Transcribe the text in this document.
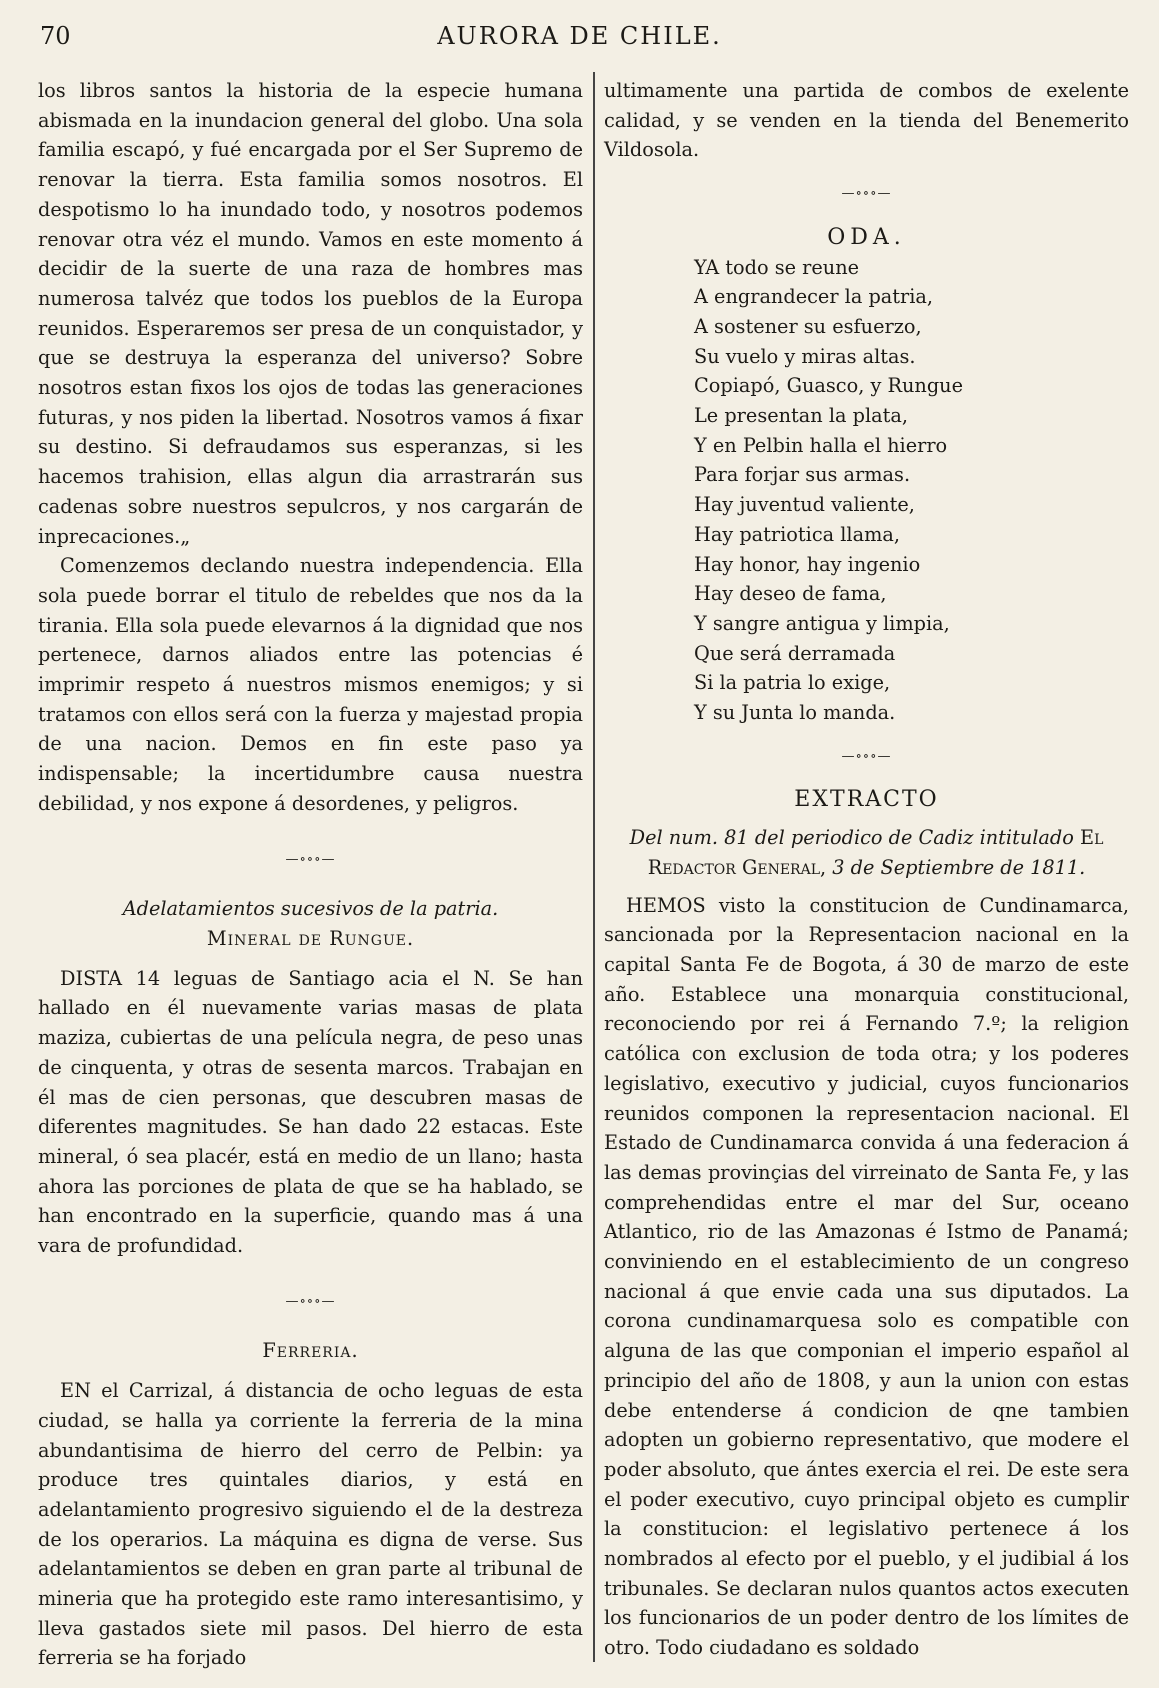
70	AURORA DE CHILE.

los libros santos la historia de la especie humana abismada en la inundacion general del globo. Una sola familia escapó, y fué encargada por el Ser Supremo de renovar la tierra. Esta familia somos nosotros. El despotismo lo ha inundado todo, y nosotros podemos renovar otra véz el mundo. Vamos en este momento á decidir de la suerte de una raza de hombres mas numerosa talvéz que todos los pueblos de la Europa reunidos. Esperaremos ser presa de un conquistador, y que se destruya la esperanza del universo? Sobre nosotros estan fixos los ojos de todas las generaciones futuras, y nos piden la libertad. Nosotros vamos á fixar su destino. Si defraudamos sus esperanzas, si les hacemos trahision, ellas algun dia arrastrarán sus cadenas sobre nuestros sepulcros, y nos cargarán de inprecaciones.„

Comenzemos declando nuestra independencia. Ella sola puede borrar el titulo de rebeldes que nos da la tirania. Ella sola puede elevarnos á la dignidad que nos pertenece, darnos aliados entre las potencias é imprimir respeto á nuestros mismos enemigos; y si tratamos con ellos será con la fuerza y majestad propia de una nacion. Demos en fin este paso ya indispensable; la incertidumbre causa nuestra debilidad, y nos expone á desordenes, y peligros.

—∘∘∘—
Adelatamientos sucesivos de la patria.
Mineral de Rungue.

DISTA 14 leguas de Santiago acia el N. Se han hallado en él nuevamente varias masas de plata maziza, cubiertas de una película negra, de peso unas de cinquenta, y otras de sesenta marcos. Trabajan en él mas de cien personas, que descubren masas de diferentes magnitudes. Se han dado 22 estacas. Este mineral, ó sea placér, está en medio de un llano; hasta ahora las porciones de plata de que se ha hablado, se han encontrado en la superficie, quando mas á una vara de profundidad.

—∘∘∘—
Ferreria.

EN el Carrizal, á distancia de ocho leguas de esta ciudad, se halla ya corriente la ferreria de la mina abundantisima de hierro del cerro de Pelbin: ya produce tres quintales diarios, y está en adelantamiento progresivo siguiendo el de la destreza de los operarios. La máquina es digna de verse. Sus adelantamientos se deben en gran parte al tribunal de mineria que ha protegido este ramo interesantisimo, y lleva gastados siete mil pasos. Del hierro de esta ferreria se ha forjado

ultimamente una partida de combos de exelente calidad, y se venden en la tienda del Benemerito Vildosola.

—∘∘∘—
ODA.
YA todo se reune
A engrandecer la patria,
A sostener su esfuerzo,
Su vuelo y miras altas.
Copiapó, Guasco, y Rungue
Le presentan la plata,
Y en Pelbin halla el hierro
Para forjar sus armas.
Hay juventud valiente,
Hay patriotica llama,
Hay honor, hay ingenio
Hay deseo de fama,
Y sangre antigua y limpia,
Que será derramada
Si la patria lo exige,
Y su Junta lo manda.
—∘∘∘—
EXTRACTO
Del num. 81 del periodico de Cadiz intitulado El Redactor General, 3 de Septiembre de 1811.

HEMOS visto la constitucion de Cundinamarca, sancionada por la Representacion nacional en la capital Santa Fe de Bogota, á 30 de marzo de este año. Establece una monarquia constitucional, reconociendo por rei á Fernando 7.º; la religion católica con exclusion de toda otra; y los poderes legislativo, executivo y judicial, cuyos funcionarios reunidos componen la representacion nacional. El Estado de Cundinamarca convida á una federacion á las demas provinçias del virreinato de Santa Fe, y las comprehendidas entre el mar del Sur, oceano Atlantico, rio de las Amazonas é Istmo de Panamá; conviniendo en el establecimiento de un congreso nacional á que envie cada una sus diputados. La corona cundinamarquesa solo es compatible con alguna de las que componian el imperio español al principio del año de 1808, y aun la union con estas debe entenderse á condicion de qne tambien adopten un gobierno representativo, que modere el poder absoluto, que ántes exercia el rei. De este sera el poder executivo, cuyo principal objeto es cumplir la constitucion: el legislativo pertenece á los nombrados al efecto por el pueblo, y el judibial á los tribunales. Se declaran nulos quantos actos executen los funcionarios de un poder dentro de los límites de otro. Todo ciudadano es soldado
